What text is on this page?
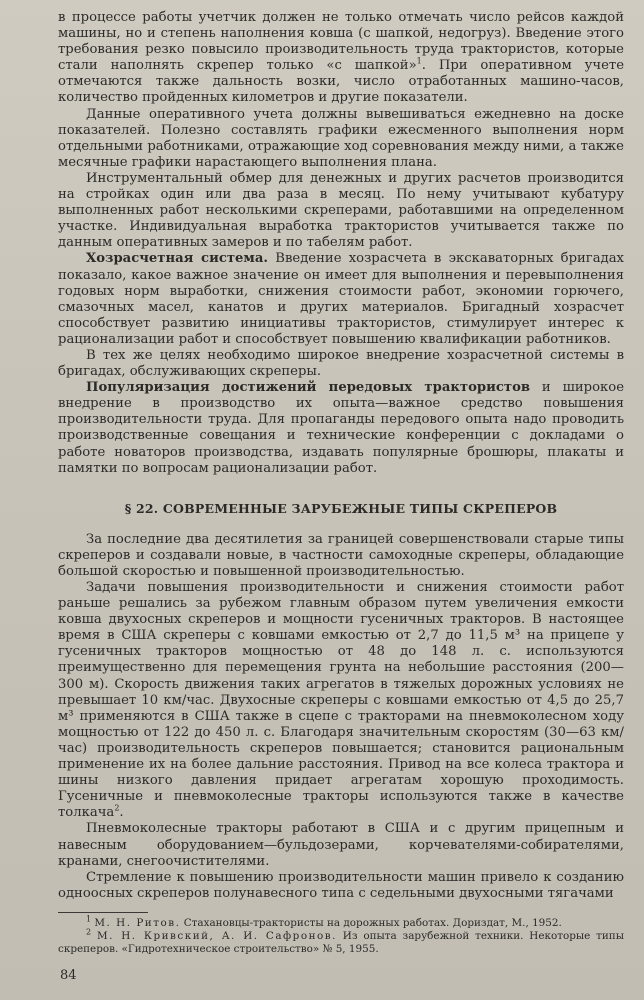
в процессе работы учетчик должен не только отмечать число рейсов каждой машины, но и степень наполнения ковша (с шапкой, недогруз). Введение этого требования резко повысило производительность труда трактористов, которые стали наполнять скрепер только «с шапкой»$^1$. При оперативном учете отмечаются также дальность возки, число отработанных машино-часов, количество пройденных километров и другие показатели.

Данные оперативного учета должны вывешиваться ежедневно на доске показателей. Полезно составлять графики ежесменного выполнения норм отдельными работниками, отражающие ход соревнования между ними, а также месячные графики нарастающего выполнения плана.

Инструментальный обмер для денежных и других расчетов производится на стройках один или два раза в месяц. По нему учитывают кубатуру выполненных работ несколькими скреперами, работавшими на определенном участке. Индивидуальная выработка трактористов учитывается также по данным оперативных замеров и по табелям работ.

Хозрасчетная система. Введение хозрасчета в экскаваторных бригадах показало, какое важное значение он имеет для выполнения и перевыполнения годовых норм выработки, снижения стоимости работ, экономии горючего, смазочных масел, канатов и других материалов. Бригадный хозрасчет способствует развитию инициативы трактористов, стимулирует интерес к рационализации работ и способствует повышению квалификации работников.

В тех же целях необходимо широкое внедрение хозрасчетной системы в бригадах, обслуживающих скреперы.

Популяризация достижений передовых трактористов и широкое внедрение в производство их опыта—важное средство повышения производительности труда. Для пропаганды передового опыта надо проводить производственные совещания и технические конференции с докладами о работе новаторов производства, издавать популярные брошюры, плакаты и памятки по вопросам рационализации работ.

§ 22. СОВРЕМЕННЫЕ ЗАРУБЕЖНЫЕ ТИПЫ СКРЕПЕРОВ

За последние два десятилетия за границей совершенствовали старые типы скреперов и создавали новые, в частности самоходные скреперы, обладающие большой скоростью и повышенной производительностью.

Задачи повышения производительности и снижения стоимости работ раньше решались за рубежом главным образом путем увеличения емкости ковша двухосных скреперов и мощности гусеничных тракторов. В настоящее время в США скреперы с ковшами емкостью от 2,7 до 11,5 м³ на прицепе у гусеничных тракторов мощностью от 48 до 148 л. с. используются преимущественно для перемещения грунта на небольшие расстояния (200—300 м). Скорость движения таких агрегатов в тяжелых дорожных условиях не превышает 10 км/час. Двухосные скреперы с ковшами емкостью от 4,5 до 25,7 м³ применяются в США также в сцепе с тракторами на пневмоколесном ходу мощностью от 122 до 450 л. с. Благодаря значительным скоростям (30—63 км/час) производительность скреперов повышается; становится рациональным применение их на более дальние расстояния. Привод на все колеса трактора и шины низкого давления придает агрегатам хорошую проходимость. Гусеничные и пневмоколесные тракторы используются также в качестве толкача$^2$.

Пневмоколесные тракторы работают в США и с другим прицепным и навесным оборудованием—бульдозерами, корчевателями-собирателями, кранами, снегоочистителями.

Стремление к повышению производительности машин привело к созданию одноосных скреперов полунавесного типа с седельными двухосными тягачами

$^1$ М. Н. Ритов. Стахановцы-трактористы на дорожных работах. Дориздат, М., 1952.
$^2$ М. Н. Кривский, А. И. Сафронов. Из опыта зарубежной техники. Некоторые типы скреперов. «Гидротехническое строительство» № 5, 1955.
84
